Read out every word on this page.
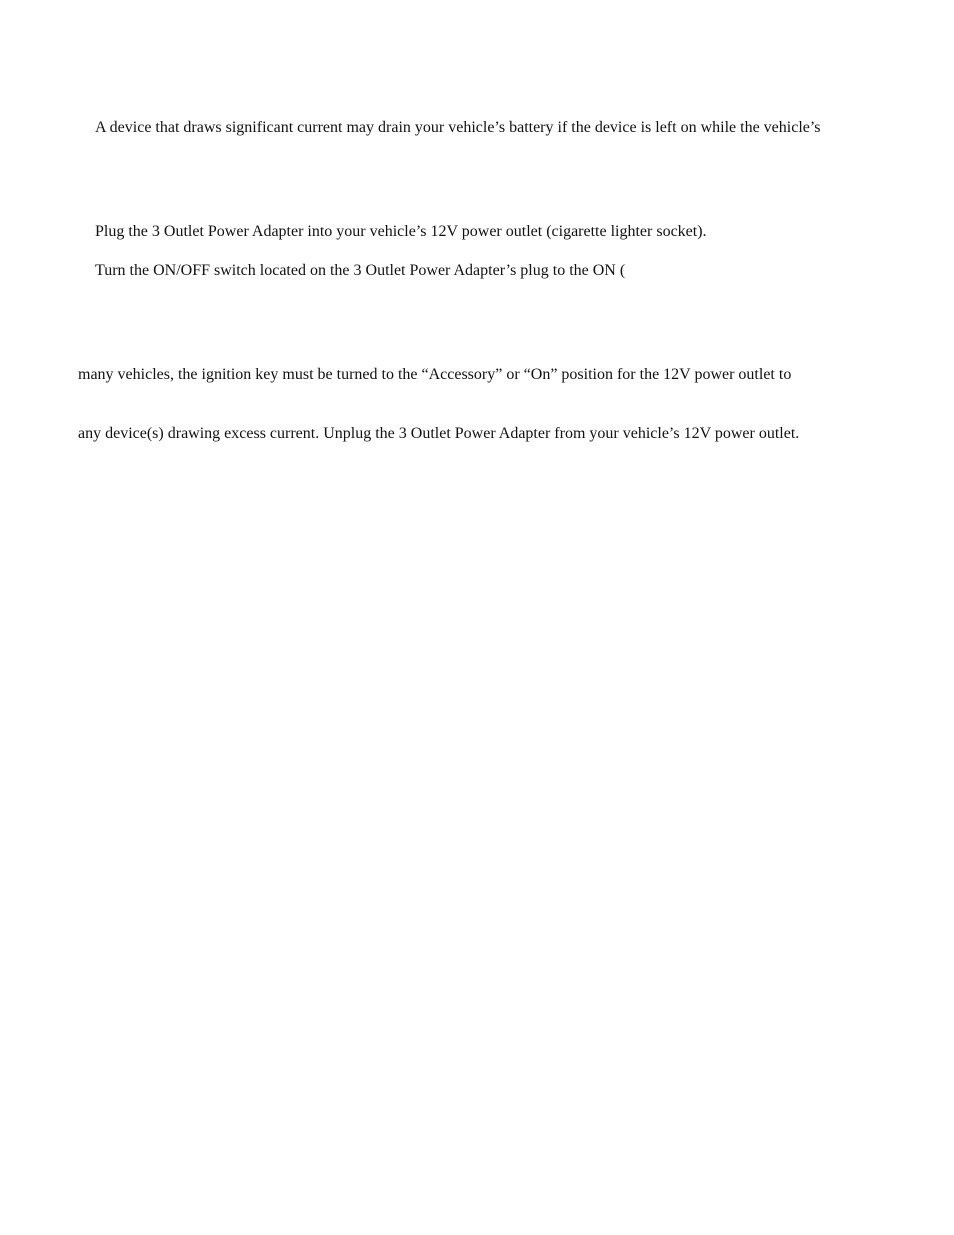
A device that draws significant current may drain your vehicle’s battery if the device is left on while the vehicle’s

Plug the 3 Outlet Power Adapter into your vehicle’s 12V power outlet (cigarette lighter socket).

Turn the ON/OFF switch located on the 3 Outlet Power Adapter’s plug to the ON (

many vehicles, the ignition key must be turned to the “Accessory” or “On” position for the 12V power outlet to

any device(s) drawing excess current. Unplug the 3 Outlet Power Adapter from your vehicle’s 12V power outlet.
